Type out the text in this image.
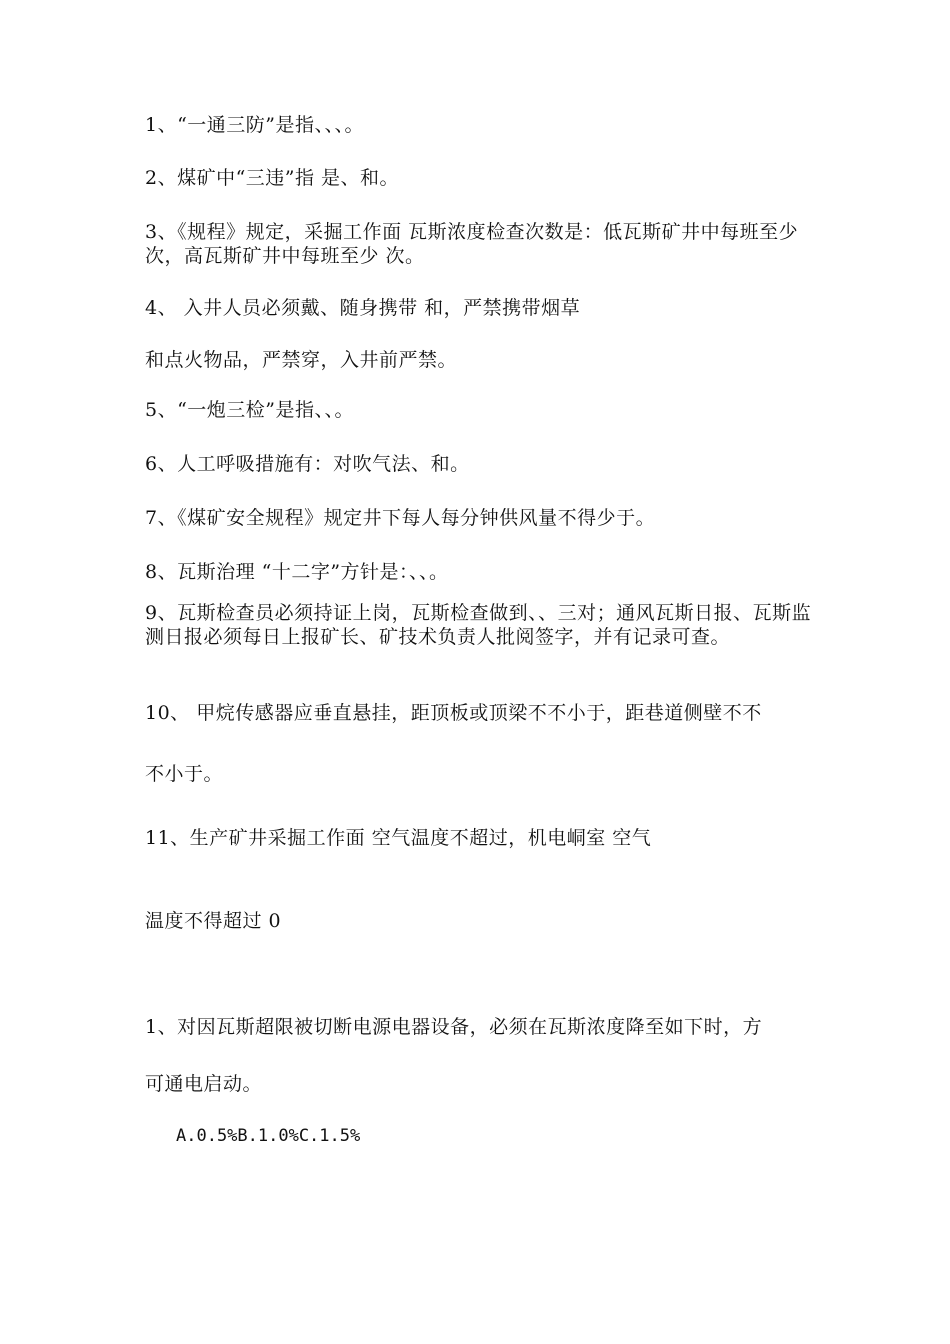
1、“一通三防”是指、、、。
2、煤矿中“三违”指 是、和。
3、《规程》规定，采掘工作面 瓦斯浓度检查次数是：低瓦斯矿井中每班至少 次，高瓦斯矿井中每班至少 次。
4、 入井人员必须戴、随身携带 和，严禁携带烟草
和点火物品，严禁穿，入井前严禁。
5、“一炮三检”是指、、。
6、人工呼吸措施有：对吹气法、和。
7、《煤矿安全规程》规定井下每人每分钟供风量不得少于。
8、瓦斯治理 “十二字”方针是：、、。
9、瓦斯检查员必须持证上岗，瓦斯检查做到、、三对；通风瓦斯日报、瓦斯监测日报必须每日上报矿长、矿技术负责人批阅签字，并有记录可查。
10、 甲烷传感器应垂直悬挂，距顶板或顶梁不不小于，距巷道侧壁不不
不小于。
11、生产矿井采掘工作面 空气温度不超过，机电峒室 空气
温度不得超过 0
1、对因瓦斯超限被切断电源电器设备，必须在瓦斯浓度降至如下时，方
可通电启动。
A.0.5%B.1.0%C.1.5%
